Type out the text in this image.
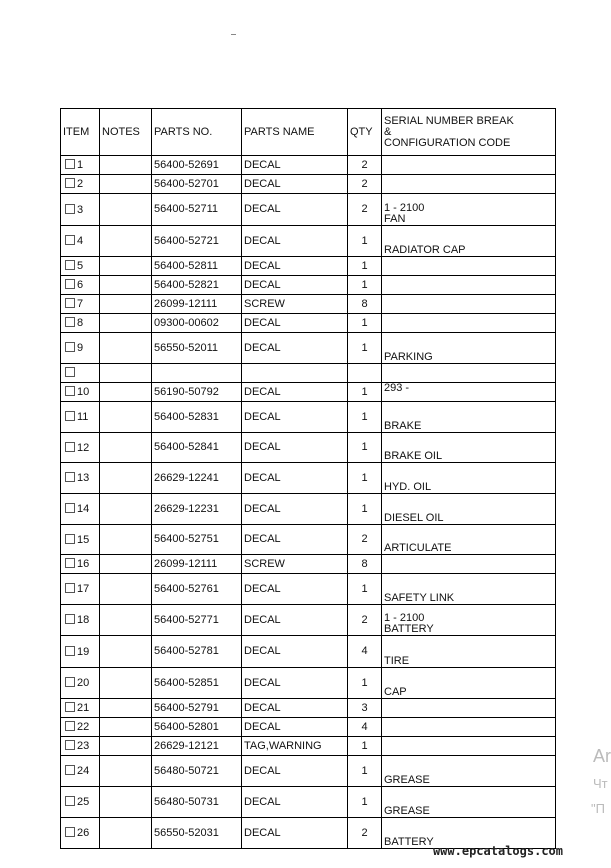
ITEM	NOTES	PARTS NO.	PARTS NAME	QTY	SERIAL NUMBER BREAK
&
CONFIGURATION CODE

1		56400-52691	DECAL	2	

2		56400-52701	DECAL	2	

3		56400-52711	DECAL	2	1 - 2100
FAN

4		56400-52721	DECAL	1	RADIATOR CAP

5		56400-52811	DECAL	1	

6		56400-52821	DECAL	1	

7		26099-12111	SCREW	8	

8		09300-00602	DECAL	1	

9		56550-52011	DECAL	1	PARKING

10		56190-50792	DECAL	1	293 -

11		56400-52831	DECAL	1	BRAKE

12		56400-52841	DECAL	1	BRAKE OIL

13		26629-12241	DECAL	1	HYD. OIL

14		26629-12231	DECAL	1	DIESEL OIL

15		56400-52751	DECAL	2	ARTICULATE

16		26099-12111	SCREW	8	

17		56400-52761	DECAL	1	SAFETY LINK

18		56400-52771	DECAL	2	1 - 2100
BATTERY

19		56400-52781	DECAL	4	TIRE

20		56400-52851	DECAL	1	CAP

21		56400-52791	DECAL	3	

22		56400-52801	DECAL	4	

23		26629-12121	TAG,WARNING	1	

24		56480-50721	DECAL	1	GREASE

25		56480-50731	DECAL	1	GREASE

26		56550-52031	DECAL	2	BATTERY
Ar
Чт
"П
www.epcatalogs.com
